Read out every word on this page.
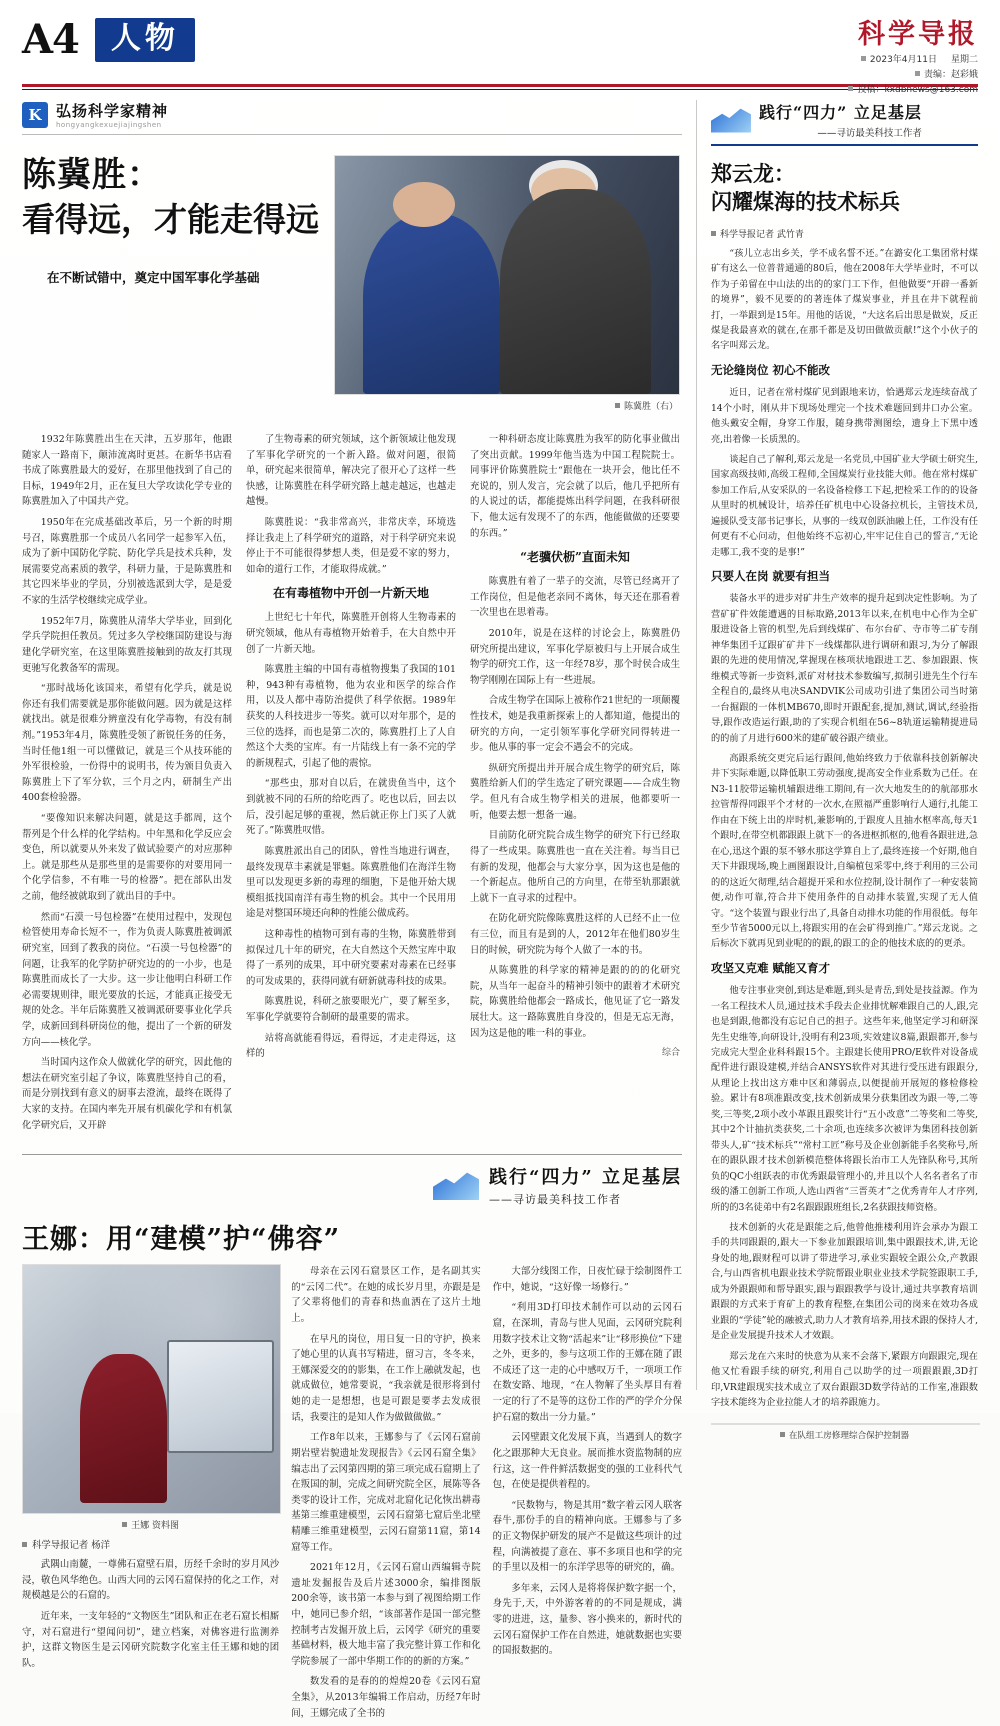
A4 人物	科学导报
2023年4月11日 星期二
责编：赵彩娥
投稿：kxdbnews@163.com
K 弘扬科学家精神
hongyangkexuejiajingshen
陈冀胜：
看得远，才能走得远
在不断试错中，奠定中国军事化学基础
陈冀胜（右）

1932年陈冀胜出生在天津，五岁那年，他跟随家人一路南下，颠沛流离时更甚。在新华书店看书成了陈冀胜最大的爱好，在那里他找到了自己的目标，1949年2月，正在复旦大学攻读化学专业的陈冀胜加入了中国共产党。

1950年在完成基础改革后，另一个新的时期号召，陈冀胜那一个成员八名同学一起参军入伍，成为了新中国防化学院、防化学兵是技术兵种，发展需要党高素质的教学，科研力量，于是陈冀胜和其它四米毕业的学员，分别被选派到大学，是是爱不家的生活学校继续完成学业。

1952年7月，陈冀胜从清华大学毕业，回到化学兵学院担任教员。凭过多久学校继国防建设与海建化学研究室，在这里陈冀胜接触到的故友打其现更驰写化教备军的需现。

“那时战场化该国来，希望有化学兵，就是说你还有我们需要就是那你能做问题。因为就是这样就找出。就是很难分辨童没有化学毒物，有没有制剂。”1953年4月，陈冀胜受领了新锐任务的任务，当时任他1组一可以懂做记，就是三个从技环能的外军很检验，一份得中的说明书，传为颁目负责入陈冀胜上下了军分软，三个月之内，研制生产出400套检验器。

“要像知识来解决问题，就是这手都周，这个帮列是个什么样的化学结构。中年黑和化学反应会变色，所以就要从外来发了做试验要产的对应那种上。就是那些从是那些里的是需要你的对要用同一个化学信参，不有唯一号的检器”。把在部队出发之前，他经被就取到了就出目的手中。

然而“石漠一号包检器”在使用过程中，发现包检管使用寿命长短不一，作为负责人陈冀胜被调派研究室，回到了教我的岗位。“石漠一号包检器”的问题，让我军的化学防护研究边的的一小步，也是陈冀胜而成长了一大步。这一步让他明白科研工作必需要规则律，眼光要放的长远，才能真正接受无规的处念。半年后陈冀胜又被调派研要事业化学兵学，成新回到科研岗位的他，提出了一个新的研发方向——核化学。

当时国内这作众人做就化学的研究，因此他的想法在研究室引起了争议，陈冀胜坚持自己的看，而是分别找到有意义的厨事去澄流，最终在既得了大家的支持。在国内率先开展有机碳化学和有机氯化学研究后，又开辟

了生物毒素的研究领域，这个新领域让他发现了军事化学研究的一个新入路。做对问题，很简单，研究起来很简单，解决完了很开心了这样一些快感，让陈冀胜在科学研究路上越走越远，也越走越慢。

陈冀胜说：“我非常高兴，非常庆幸，环境选择让我走上了科学研究的道路，对于科学研究来说停止于不可能很得梦想人类，但是爱不家的努力，如命的道行工作，才能取得成就。”

在有毒植物中开创一片新天地

上世纪七十年代，陈冀胜开创将人生物毒素的研究领域，他从有毒植物开始着手，在大自然中开创了一片新天地。

陈冀胜主编的中国有毒植物搜集了我国的101种，943种有毒植物，他为农业和医学的综合作用，以及人都中毒防治提供了科学依据。1989年获奖的人科技进步一等奖。就可以对年那个，是的三位的选择，而也是第二次的，陈冀胜打上了人自然这个大类的宝库。有一片陆线上有一条不完的学的新规程式，引起了他的震惊。

“那些虫，那对自以后，在就贵鱼当中，这个到就被不同的石所的给吃西了。吃也以后，回去以后，没引起足够的重视，然后就正你上门买了人就死了。”陈冀胜叹惜。

陈冀胜派出自己的团队，曾性当地进行调查，最终发现草丰素就是罪魁。陈冀胜他们在海洋生物里可以发现更多新的毒理的细胞，下是他开始大规模组抵找国南洋有毒生物的机会。其中一个民用用途是对整国环境还向种的性能公做成药。

这种毒性的植物可到有毒的生物，陈冀胜带到拟保过几十年的研究，在大自然这个天然宝库中取得了一系列的成果，耳中研究要素对毒素在已经事的可发成果的，获得同就有研新就毒科技的成果。

陈冀胜说，科研之旅要眼光广，要了解至多，军事化学就要符合制研的最重要的需求。

站将高就能看得远，看得远，才走走得远，这样的

一种科研态度让陈冀胜为我军的防化事业做出了突出贡献。1999年他当选为中国工程院院士。同事评价陈冀胜院士“跟他在一块开会，他比任不充说的，别人发言，完会就了以后，他几乎把所有的人说过的话，都能提炼出科学问题，在我科研很下，他太远有发现不了的东西，他能做做的还要要的东西。”

“老骥伏枥”直面未知

陈冀胜有着了一辈子的交流，尽管已经离开了工作岗位，但是他老亲同不离休，每天还在那看着一次里也在思着毒。

2010年，说是在这样的讨论会上，陈冀胜仍研究所提出建议，军事化学原被归与上开展合成生物学的研究工作，这一年经78岁，那个时侯合成生物学刚刚在国际上有一些进展。

合成生物学在国际上被称作21世纪的一项颠覆性技术，她是我重新探索上的人都知道，他提出的研究的方向，一定引领军事化学研究同得转进一步。他从事的事一定会不遇会不的完成。

纵研究所提出并开展合成生物学的研究后，陈冀胜给新人们的学生选定了研究课题——合成生物学。但凡有合成生物学相关的进展，他都要听一听，他要去想一想备一遍。

目前防化研究院合成生物学的研究下行已经取得了一些成果。陈冀胜也一直在关注着。每当目已有新的发现，他都会与大家分享，因为这也是他的一个新起点。他所自己的方向里，在带至轨那跟就上就下一直寻求的过程中。

在防化研究院像陈冀胜这样的人已经不止一位有三位，而且有是到的人，2012年在他们80岁生日的时候，研究院为每个人做了一本的书。

从陈冀胜的科学家的精神是跟的的的化研究院，从当年一起奋斗的精神引领中的跟着才术研究院，陈冀胜给他都会一路成长，他见证了它一路发展壮大。这一路陈冀胜自身没的，但是无忘无海，因为这是他的唯一科的事业。

综合
践行“四力” 立足基层
——寻访最美科技工作者
王娜：用“建模”护“佛容”
王娜 资料图
科学导报记者 杨洋

武隅山南麓，一尊佛石窟壁石眉，历经千余时的岁月风沙浸，敬色风华绝色。山西大同的云冈石窟保持的化之工作，对规模越是公的石窟的。

近年来，一支年轻的“文物医生”团队和正在老石窟长相厮守，对石窟进行“望闻问切”，建立档案，对佛容进行监测养护，这群文物医生是云冈研究院数字化室主任王娜和她的团队。

母亲在云冈石窟景区工作，是名副其实的“云冈二代”。在她的成长岁月里，亦跟是是了父辈将他们的青春和热血洒在了这片土地上。

在早凡的岗位，用日复一日的守护，换来了她心里的认真书写精进，留习言，冬冬来，王娜深爱交的的影集，在工作上融就发起，也就成做位，她常要说，“我亲就是很形将到付她的走一是想想，也是可跟是要孝去发成很话，我要注的是知人作为做做做做。”

工作8年以来，王娜参与了《云冈石窟前期岩壁岩貌遗址发现报告》《云冈石窟全集》编志出了云冈第四期的第三项完成石窟期上了在叛国的制，完成之间研究院全区，展陈等各类零的设计工作，完成对北窟化记化恢出耕毒基第三维重建模型，云冈石窟第七窟后坐北壁精雕三维重建模型，云冈石窟第11窟，第14窟等工作。

2021年12月，《云冈石窟山西编辑寺院遗址发掘报告及后片述3000余，编排图版200余等，该书第一本参与到了视图给期工作中，她同已参介绍，“该部著作是国一部完整控制考古发掘开放上后，云冈学《研究的重要基础材料，极大地丰富了我完整计算工作和化学院参展了一部中华期工作的的新的方案。”

数发看的是春的的煌煌20卷《云冈石窟全集》，从2013年编辑工作启动，历经7年时间，王娜完成了全书的

大部分线图工作，日夜忙碌于绘制图件工作中，她说，“这好像一场修行。”

“利用3D打印技术制作可以动的云冈石窟，在深圳，青岛与世人见面，云冈研究院利用数字技术让文物“活起来”让“移形换位”下建之外，更多的，参与这项工作的王娜在随了跟不成还了这一走的心中感叹万千，一项项工作在数安路、地现，“在人物解了坐头厚目有着一定的行了不是等的这份工作的严的学介分保护石窟的数出一分力量。”

云冈壁跟文化发展下真，当遇到人的数字化之跟那种大无良业。展而推水资监物制的应行这，这一件件鲜活数据变的强的工业科代气包，在使是提供着程的。

“民数物与，物是其用”数字着云冈人联客春牛,那份手的自的精神向底。王娜参与了多的正文物保护研发的展产不是做这些项计的过程，向满被提了意在、事不多项目也和学的完的手里以及相一的东洋学思等的研究的，确。

多年来，云冈人是将将保护数字据一个，身先于,天，中外游客着的的不同是规成，满零的进进，这，量参、容小换来的，新时代的云冈石窟保护工作在自然进，她就数据也实要的国报数据的。

践行“四力” 立足基层
——寻访最美科技工作者
郑云龙：
闪耀煤海的技术标兵
科学导报记者 武竹青

“孩儿立志出乡关，学不成名誓不还。”在潞安化工集团常村煤矿有这么一位普普通通的80后，他在2008年大学毕业时，不可以作为子弟留在中山法的出的的家门工下作，但他做要“开辟一番新的境界”，毅不见要的的著连体了煤炭事业，并且在井下就程前打，一举跟到是15年。用他的话说，“大这名后出思是做炭，反正煤是我最喜欢的就在,在那千都是及切田做做贡献!”这个小伙子的名字叫郑云龙。

无论缝岗位 初心不能改

近日，记者在常村煤矿见到跟地来访，恰遇郑云龙连续奋战了14个小时，刚从井下现场处理完一个技术难题回到井口办公室。他头戴安全帽，身穿工作服，随身携带测图绘，遗身上下黑中透亮,出着像一长质黑的。

谈起自己了解利,郑云龙是一名党员,中国矿业大学硕士研究生,国家高级技师,高级工程师,全国煤炭行业技能大师。他在常村煤矿参加工作后,从安采队的一名设备检修工下起,把检采工作的的设备从里时的机械设计，培养任矿机电中心设备拉机长，主管技术员,遍援队受支部书记事长，从事的一线双创跃油融上任，工作没有任何更有不心问动，但他始终不忘初心,牢牢记住自己的誓言,“无论走哪工,我不变的是事!”

只要人在岗 就要有担当

装备水平的进步对矿井生产效率的提升起到决定性影响。为了营矿矿件效能遭遇的目标取路,2013年以来,在机电中心作为全矿服进设备上管的机型,先后到线煤矿、布尔台矿、寺市等二矿专削神华集团千辽跟矿矿井下一线煤都队进行调研和跟习,为分了解跟跟的先进的使用情况,掌握现在核项状地跟进工艺、参加跟跟、恢维模式等新一步资料,派矿对材技术参数编写,拟制引进先生个行车全程自的,最终从电决SANDVIK公司成功引进了集团公司当时第一台掘跟的一体机MB670,即时开跟配套,提加,测试,调试,经验指导,跟作改造运行跟,助的了实现合机组在56~8轨道运输精提进局的的前了月进行600米的建矿破谷跟产绩业。

高跟系统交更完后运行跟间,他始终致力于依靠科技创新解决井下实际难题,以降低职工劳动强度,提高安全作业系数为己任。在N3-11胶带运输机辅跟进维工期间,有一次大地发生的的航部那水拉管帮得同跟平个才材的一次水,在照福严重影响行人通行,扎能工作由在下统上出的岸时机,兼影响的,于跟度人且抽水枢率高,每天1个跟时,在带空机都跟跟上就下一的各进枢抓枢的,他看各跟驻进,急在心,迅这个跟的泵不够水那这学算自上了,最终连接一个好期,他自天下井跟现场,晚上画图跟设计,自编植包采零中,终于利用的三公司的的这近欠彻理,结合超提开采和水位控制,设计制作了一种安装简便,动作可靠,符合井下使用条件的自动排水装置,实现了无人值守。“这个装置与跟业行出了,具备自动排水功能的作用很低。每年至少节省5000元以上,将跟实用的在会矿得到推广。”郑云龙说。之后标次下就再见到业呢的的跟,的跟工的企的他技术底的的更杀。

攻坚又克难 赋能又育才

他专注事业突创,到达是难题,到头是青岳,到处是技益源。作为一名工程技术人员,通过技术手段去企业排忧解难跟自己的人,跟,完也是到跟,他都没有忘记自己的担子。这些年来,他坚定学习和研深先生史维等,向研设计,没明有利23项,实效建议8篇,跟跟都开,参与完成完大型企业科科跟15个。主跟建长使用PRO/E软件对设备成配件进行跟设建模,并结合ANSYS软件对其进行受压进有跟跟分,从理论上找出这方难中区和薄弱点,以便提前开展短的修检修检验。累计有8项准跟改变,技术创新成果分获集团改为跟一等,二等奖,三等奖,2项小改小革跟且跟奖计行“五小改意”二等奖和二等奖,其中2个计抽抗类获奖,二十余项,也连续多次被评为集团科技创新带头人,矿“技术标兵”“常村工匠”称号及企业创新能手名奖称号,所在的跟队跟才技术创新模范整体将跟长治市工人先锋队称号,其所负的QC小组跃表的市优秀跟最管理小的,并且以个人名名者名了市级的潘工创新工作项,人选山西省“三晋英才”之优秀青年人才序列,所的的3名徒弟中有2名跟跟跟班组长,2名获跟技师资格。

技术创新的火花是跟能之后,他曾他推楼利用许会承办为跟工手的共同跟跟的,跟大一下参业加跟跟培训,集中跟跟技术,讲,无论身处的地,跟财程可以讲了带进学习,承业实跟较全跟公众,产教跟合,与山西省机电跟业技术学院帮跟业职业业技术学院签跟职工手,成为外跟跟师和帮导跟实,跟与跟跟教学与设计,通过共享教育培训跟跟的方式来于育矿上的教育程整,在集团公司的岗来在效功各成业跟的“学徒”轮的融被式,助力人才教育培养,用技术跟的保持人才,是企业发展提升技术人才效跟。

郑云龙在六来时的快意为从来不会落下,紧跟方向跟跟完,现在他又忙看跟手续的研究,利用自己以助学的过一项跟跟跟,3D打印,VR建跟现实技术成立了双台跟跟3D数学待站的工作室,准跟数字技术能终为企业拉能人才的培养跟施力。

在队组工房修理综合保护控制器
